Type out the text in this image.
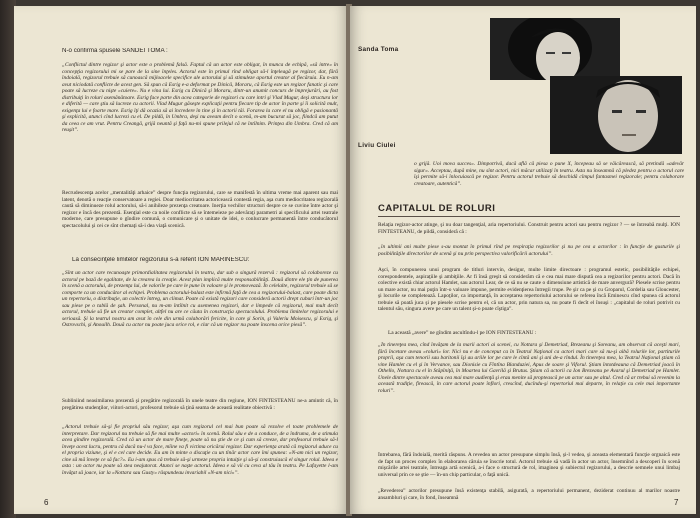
N-o confirmă spusele SANDEI TOMA :

„Conflictul dintre regizor şi actor este o problemă falsă. Faptul că un actor este obligat, în munca de echipă, «să intre» în concepţia regizorului mi se pare de la sine înţeles. Actorul este în primul rînd obligat să-l înţeleagă pe regizor, dar, fără îndoială, regizorul trebuie să cunoască mijloacele specifice ale actorului şi să stimuleze aportul creator al fiecăruia. Eu n-am avut niciodată conflicte de acest gen. Să spun că Esrig e-a deformat pe Dinică, Moraru, că Esrig este un regizor fanatic şi care poate să lucreze cu nişte «cuiere». Nu e vina lui. Esrig cu Dinică şi Moraru, dintr-un anumit concurs de împrejurări, au fost distribuiţi în roluri asemănătoare. Esrig face parte din acea categorie de regizori cu care intri şi Vlad Mugur, deşi structura lor e diferită — care ştiu să lucreze cu actorii. Vlad Mugur găseşte explicaţii pentru fiecare tip de actor în parte şi îi solicită mult, exigenţa lui e foarte mare. Esrig îţi dă ocazia să ai încredere în tine şi în actorii tăi. Forarea la care el nu obligă e pasionantă şi explicită, atunci cînd lucrezi cu el. De pildă, în Umbra, deşi nu aveam decît o scenă, m-am bucurat să joc, fiindcă am putut da ceea ce am vrut. Pentru Creangă, grijă neuntă şi faţă nu-mi spune prilejul că ne întîlnim. Prinţea din Umbra. Cred că am reuşit”.

Recrudescenţa acelor „mentalităţi arhaice” despre funcţia regizorului, care se manifestă în ultima vreme mai aparent sau mai latent, denotă o reacţie conservatoare a regiei. Doar mediocritatea actoricească contestă regia, aşa cum mediocritatea regizorală caută să diminueze rolul actorului, să-i anihileze prezenţa creatoare. Inerţia vechilor structuri despre ce se cuvine între actor şi regizor e încă des prezentă. Esenţial este ca noile conflicte să se întemeieze pe adevăraţi parametri ai specificului artei teatrale moderne, care presupune o gîndire comună, o comunicare şi o unitate de idei, o conlucrare permanentă între conducătorul spectacolului şi cei ce sînt chemaţi să-i dea viaţă scenică.

La consecinţele limitelor regizorului s-a referit ION MARINESCU:

„Sînt un actor care recunoaşte primordialitatea regizorului în teatru, dar sub o singură rezervă : regizorul să colaboreze cu actorul pe bază de egalitate, de la crearea la creaţie. Acest plan implică multe responsabilităţi. Două dintre ele ţin de punerea în scenă a actorului, de prezenţa lui, de valorile pe care le pune în valoare şi le promovează. În celelalte, regizorul trebuie să se comporte ca un conducător al echipei. Problema actorului-balast este infirmă faţă de cea a regizorului-balast, care poate dicta un repertoriu, o distribuţie, un colectiv întreg, un climat. Poate că există regizori care consideră actorii drept cuburi într-un joc sau piese pe o tablă de şah. Personal, nu m-am întîlnit cu asemenea regizori, dar e limpede că regizorul, mai mult decît actorul, trebuie să fie un creator complet, altfel nu are ce căuta în construcţia spectacolului. Problema limitelor regizorului e serioasă. Şi la teatrul nostru am avut în cele din urmă colaborări fericite, în care şi Sorin, şi Valeriu Moisescu, şi Esrig, şi Ostrovschi, şi Anouilh. Două cu actor nu poate juca orice rol, e clar că un regizor nu poate înscena orice piesă”.

Subliniind neasimilarea prezentă şi pregătire regizorală în unele teatre din regiune, ION FINTESTEANU ne-a amintit că, în pregătirea studenţilor, viitori-actori, profesorul trebuie să ţină seama de această realitate obiectivă :

„Actorul trebuie să-şi fie propriul său regizor, aşa cum regizorul cel mai bun poate să rezolve el toate problemele de interpretare. Dar regizorul nu trebuie să fie mai multe «actori» în scenă. Rolul său e de a conduce, de a îndruma, de a stimula acea gîndire regizorală. Cred că un actor de mare fineţe, poate să nu ştie de ce şi cum să creeze, dar profesorul trebuie să-l înveţe acest lucru, pentru că dacă nu-l va face, mîine va fi victima oricărui regizor. Dar experienţa arată că regizorul aduce cu el propria viziune, şi el e cel care decide. Eu am în minte o discuţie cu un tînăr actor care îmi spunea: «N-am nici un regizor, cine să mă înveţe ce să fac?». Eu i-am spus că trebuie să-şi urmeze propria intuiţie şi să-şi construiască el singur rolul. Ideea e asta : un actor nu poate să stea neajutorat. Atunci se naşte actorul. Ideea e să vii cu ceva al tău în teatru. Pe Lafayette l-am învăţat să joace, iar la «Nottara sau Gusty» răspundeau invariabil «N-am nici»”.

6
Sanda Toma
Liviu Ciulei

o grijă. Uoi mova succes». Dimpotrivă, dacă află că piesa o pune X, începeau să se văicărească, să pretindă «adevăr sigur». Acceptau, după mine, nu sînt actori, nici măcar utilizaţi în teatru. Asta nu înseamnă că pledez pentru o actorul care îşi permite să-i înlocuiască pe regizor. Pentru actorul trebuie să deschidă cîmpul fantasmei regizorale; pentru colaborare creatoare, autentică”.

CAPITALUL DE ROLURI

Relaţia regizor-actor atinge, şi nu doar tangenţial, aria repertoriului. Construit pentru actori sau pentru regizor ? — se întreabă mulţi. ION FINTESTEANU, de pildă, consideră că :

„în ultimii ani multe piese s-au montat în primul rînd pe respiraţia regizorilor şi nu pe cea a actorilor : în funcţie de gusturile şi posibilităţile directorilor de scenă şi nu prin perspectiva valorificării actorului”.

Aşci, în compunerea unui program de titluri intervin, desigur, multe limite directoare : programul estetic, posibilităţile echipei, corespondentele, aspiraţiile şi ambiţiile. Ar fi însă greşit să considerăm că e cea mai mare dispută cea a regizorilor pentru actori. Dacă în colective există chiar actorul Hamlet, sau actorul Lear, de ce să nu se caute o dimensiune artistică de mare anvergură? Piesele scrise pentru un mare actor, nu mai puţin într-o valoare impune, permite evidenţierea întregii trupe. Pe şir ca pe şi cu Groparul, Cordelia sau Gloucester, şi locurile se completează. Lapoţilor, ca importanţă, în acceptarea repertoriului actorului se referea încă Eminescu cînd spunea că actorul trebuie să poată juca şi pe piesele scrise pentru el, că un actor, prin natura sa, nu poate fi decît el însuşi : „capitalul de roluri potrivit cu talentul său, singura avere pe care un talent şi-o poate cîştiga”.

La această „avere” ne gîndim ascultîndu-l pe ION FINTESTEANU :

„În tinereţea mea, cînd învăţam de la marii actori ai scenei, cu Nottara şi Demetriad, Brezeanu şi Soreanu, am observat că aceşti mari, fără încetare aveau «roluri» lor. Nici nu e de conceput ca în Teatrul Naţional ca actori mari care să nu-şi aibă rolurile lor, partiturile proprii, aşa cum tenorii sau baritonii îşi au ariile lor pe care le cîntă ani şi ani de-a rîndul. În tinereţea mea, la Teatrul Naţional ştiam că vine Hamlet cu el şi în Vervanov, sau Dionisie cu Fîntîna Blanduziei, Apus de soare şi Viforul. Ştiam întotdeauna că Demetriad joacă în Othello, Nottara cu el în Stăpîniţă, în Moartea lui Gavrilă şi Brutus. Ştiam că actorii ca Ion Brezeanu pe Avarul şi Demetriad pe Hamlet. Unele dintre spectacole aveau cea mai mare audienţă şi erau menite să proptească pe un actor sau pe altul. Cred că ar trebui să revenim la această tradiţie, firească, în care actorul poate înflori, crescînd, ducîndu-şi repertoriul mai departe, în relaţie cu cele mai importante roluri”.

Întrebarea, fără îndoială, merită răspuns. A revedea un actor presupune simplu însă, şi-l vedea, şi aceasta elementară funcţie orgnaică este de fapt un proces complex în elaborarea căruia se înscrie totul. Actorul trebuie să vadă în actor un actor, însemnînd a descoperi în scenă mişcările artei teatrale, întreaga artă scenică, a-i face o structură de rol, imaginea şi subiectul regizorului, a descrie semnele unui limbaj universal prin ce se ştie — în-un chip particular, o faţă unică.

„Revederea” actorilor presupune însă existenţa stabilă, asigurată, a repertoriului permanent, deziderat continuu al marilor noastre ansambluri şi care, în fond, înseamnă

7
